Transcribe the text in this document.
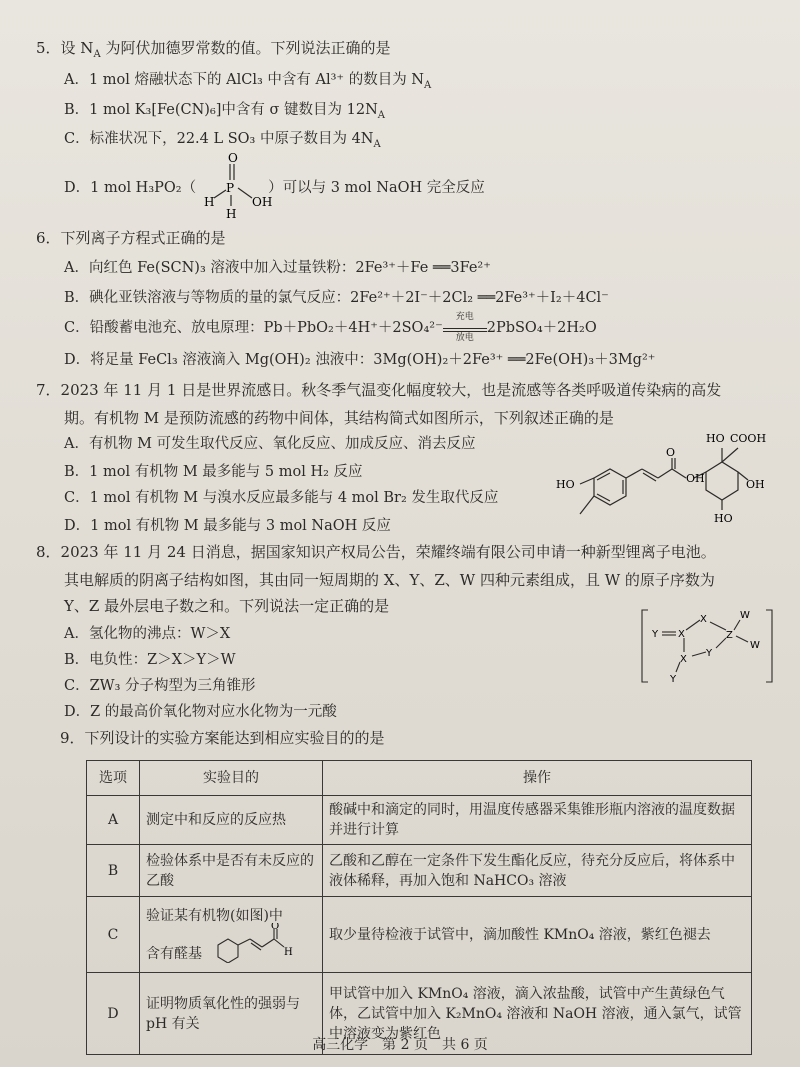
5．设 $N_A$ 为阿伏加德罗常数的值。下列说法正确的是
A．1 mol 熔融状态下的 AlCl₃ 中含有 Al³⁺ 的数目为 $N_A$
B．1 mol K₃[Fe(CN)₆]中含有 σ 键数目为 $12N_A$
C．标准状况下，22.4 L SO₃ 中原子数目为 $4N_A$
D．1 mol H₃PO₂（	）可以与 3 mol NaOH 完全反应
O
P
OH
H
H
6．下列离子方程式正确的是
A．向红色 Fe(SCN)₃ 溶液中加入过量铁粉：2Fe³⁺＋Fe ══3Fe²⁺
B．碘化亚铁溶液与等物质的量的氯气反应：2Fe²⁺＋2I⁻＋2Cl₂ ══2Fe³⁺＋I₂＋4Cl⁻
C．铅酸蓄电池充、放电原理：Pb＋PbO₂＋4H⁺＋2SO₄²⁻
充电
放电
2PbSO₄＋2H₂O
D．将足量 FeCl₃ 溶液滴入 Mg(OH)₂ 浊液中：3Mg(OH)₂＋2Fe³⁺ ══2Fe(OH)₃＋3Mg²⁺
7．2023 年 11 月 1 日是世界流感日。秋冬季气温变化幅度较大，也是流感等各类呼吸道传染病的高发
期。有机物 M 是预防流感的药物中间体，其结构简式如图所示，下列叙述正确的是
A．有机物 M 可发生取代反应、氧化反应、加成反应、消去反应
B．1 mol 有机物 M 最多能与 5 mol H₂ 反应
C．1 mol 有机物 M 与溴水反应最多能与 4 mol Br₂ 发生取代反应
D．1 mol 有机物 M 最多能与 3 mol NaOH 反应
O
HO COOH
OH	OH
HO
HO
8．2023 年 11 月 24 日消息，据国家知识产权局公告，荣耀终端有限公司申请一种新型锂离子电池。
其电解质的阴离子结构如图，其由同一短周期的 X、Y、Z、W 四种元素组成，且 W 的原子序数为
Y、Z 最外层电子数之和。下列说法一定正确的是
A．氢化物的沸点：W＞X
B．电负性：Z＞X＞Y＞W
C．ZW₃ 分子构型为三角锥形
D．Z 的最高价氧化物对应水化物为一元酸
Y X
X
Z
W
W
X
Y
Y
9．下列设计的实验方案能达到相应实验目的的是
选项	实验目的	操作
A	测定中和反应的反应热	酸碱中和滴定的同时，用温度传感器采集锥形瓶内溶液的温度数据并进行计算
B	检验体系中是否有未反应的乙酸	乙酸和乙醇在一定条件下发生酯化反应，待充分反应后，将体系中液体稀释，再加入饱和 NaHCO₃ 溶液
C	验证某有机物(如图)中
含有醛基
O
H	取少量待检液于试管中，滴加酸性 KMnO₄ 溶液，紫红色褪去
D	证明物质氧化性的强弱与 pH 有关	甲试管中加入 KMnO₄ 溶液，滴入浓盐酸，试管中产生黄绿色气体，乙试管中加入 K₂MnO₄ 溶液和 NaOH 溶液，通入氯气，试管中溶液变为紫红色
高三化学　第 2 页　共 6 页
